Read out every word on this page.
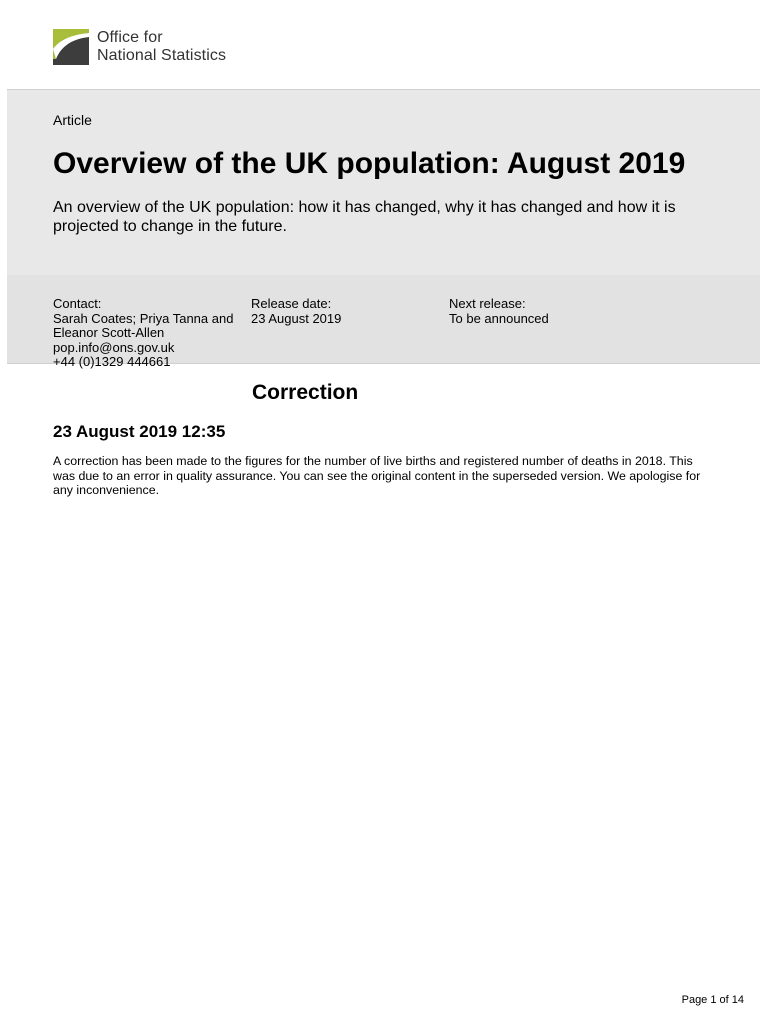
Office for
National Statistics
Article
Overview of the UK population: August 2019

An overview of the UK population: how it has changed, why it has changed and how it is projected to change in the future.

Contact:
Sarah Coates; Priya Tanna and Eleanor Scott-Allen
pop.info@ons.gov.uk
+44 (0)1329 444661
Release date:
23 August 2019
Next release:
To be announced
Correction
23 August 2019 12:35

A correction has been made to the figures for the number of live births and registered number of deaths in 2018. This was due to an error in quality assurance. You can see the original content in the superseded version. We apologise for any inconvenience.

Page 1 of 14
